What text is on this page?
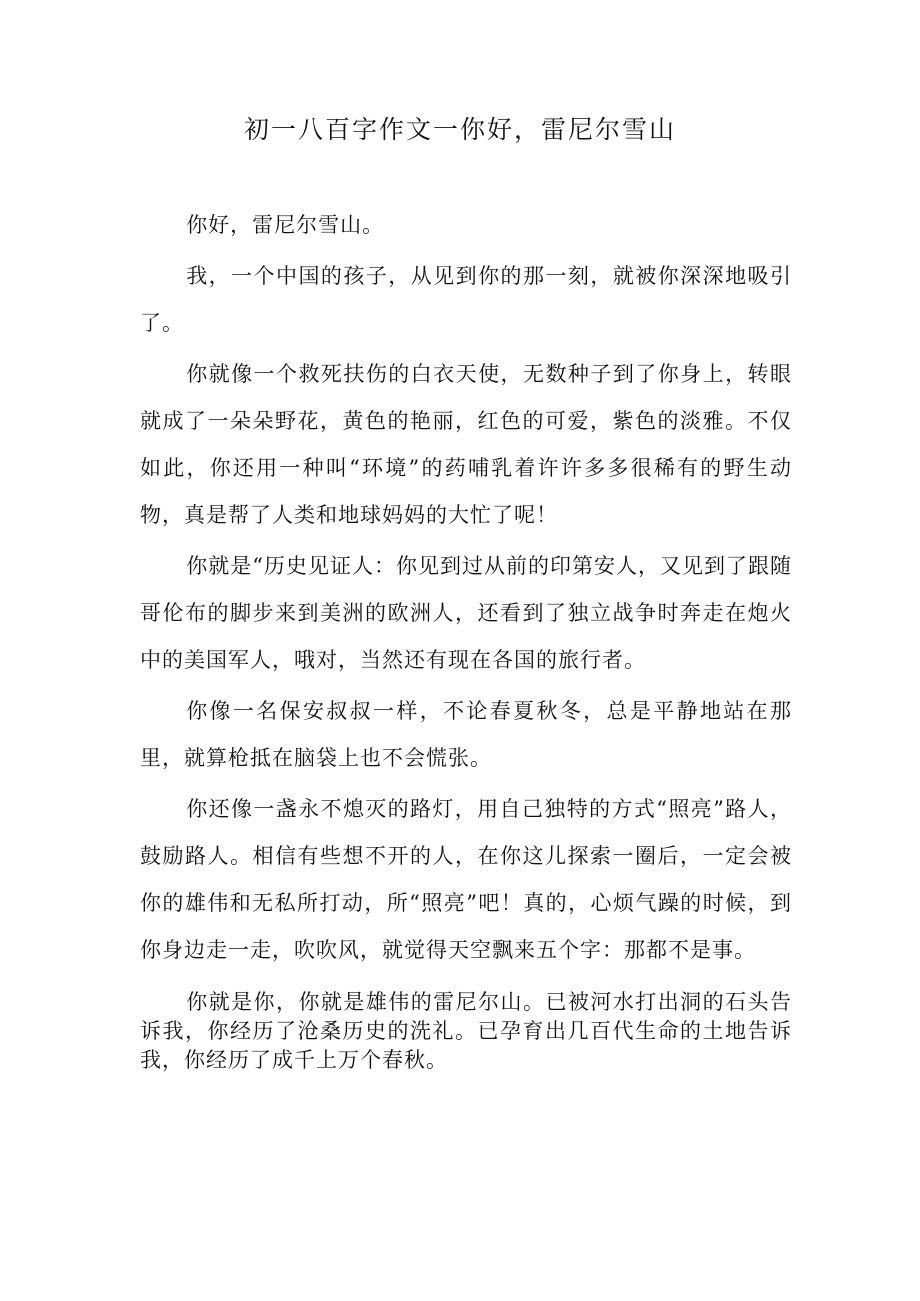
初一八百字作文一你好，雷尼尔雪山

你好，雷尼尔雪山。

我，一个中国的孩子，从见到你的那一刻，就被你深深地吸引了。

你就像一个救死扶伤的白衣天使，无数种子到了你身上，转眼就成了一朵朵野花，黄色的艳丽，红色的可爱，紫色的淡雅。不仅如此，你还用一种叫“环境”的药哺乳着许许多多很稀有的野生动物，真是帮了人类和地球妈妈的大忙了呢！

你就是“历史见证人：你见到过从前的印第安人，又见到了跟随哥伦布的脚步来到美洲的欧洲人，还看到了独立战争时奔走在炮火中的美国军人，哦对，当然还有现在各国的旅行者。

你像一名保安叔叔一样，不论春夏秋冬，总是平静地站在那里，就算枪抵在脑袋上也不会慌张。

你还像一盏永不熄灭的路灯，用自己独特的方式“照亮”路人，鼓励路人。相信有些想不开的人，在你这儿探索一圈后，一定会被你的雄伟和无私所打动，所“照亮”吧！真的，心烦气躁的时候，到你身边走一走，吹吹风，就觉得天空飘来五个字：那都不是事。

你就是你，你就是雄伟的雷尼尔山。已被河水打出洞的石头告诉我，你经历了沧桑历史的洗礼。已孕育出几百代生命的土地告诉我，你经历了成千上万个春秋。
